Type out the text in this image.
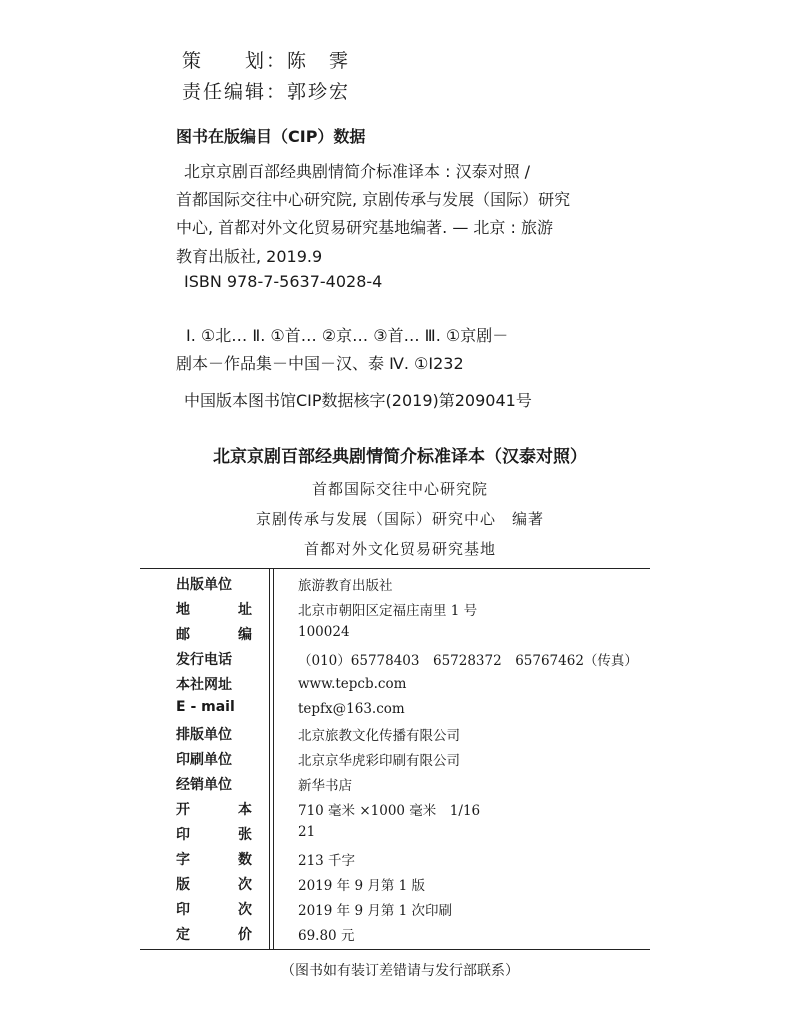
策　　划：陈　霁
责任编辑：郭珍宏
图书在版编目（CIP）数据
北京京剧百部经典剧情简介标准译本 : 汉泰对照 /
首都国际交往中心研究院, 京剧传承与发展（国际）研究
中心, 首都对外文化贸易研究基地编著. — 北京 : 旅游
教育出版社, 2019.9
ISBN 978-7-5637-4028-4
Ⅰ. ①北… Ⅱ. ①首… ②京… ③首… Ⅲ. ①京剧－
剧本－作品集－中国－汉、泰 Ⅳ. ①I232
中国版本图书馆CIP数据核字(2019)第209041号
北京京剧百部经典剧情简介标准译本（汉泰对照）
首都国际交往中心研究院
京剧传承与发展（国际）研究中心　编著
首都对外文化贸易研究基地
出版单位	旅游教育出版社
地	址	北京市朝阳区定福庄南里 1 号
邮	编	100024
发行电话	（010）65778403　65728372　65767462（传真）
本社网址	www.tepcb.com
E - mail	tepfx@163.com
排版单位	北京旅教文化传播有限公司
印刷单位	北京京华虎彩印刷有限公司
经销单位	新华书店
开	本	710 毫米 ×1000 毫米　1/16
印	张	21
字	数	213 千字
版	次	2019 年 9 月第 1 版
印	次	2019 年 9 月第 1 次印刷
定	价	69.80 元
（图书如有装订差错请与发行部联系）
